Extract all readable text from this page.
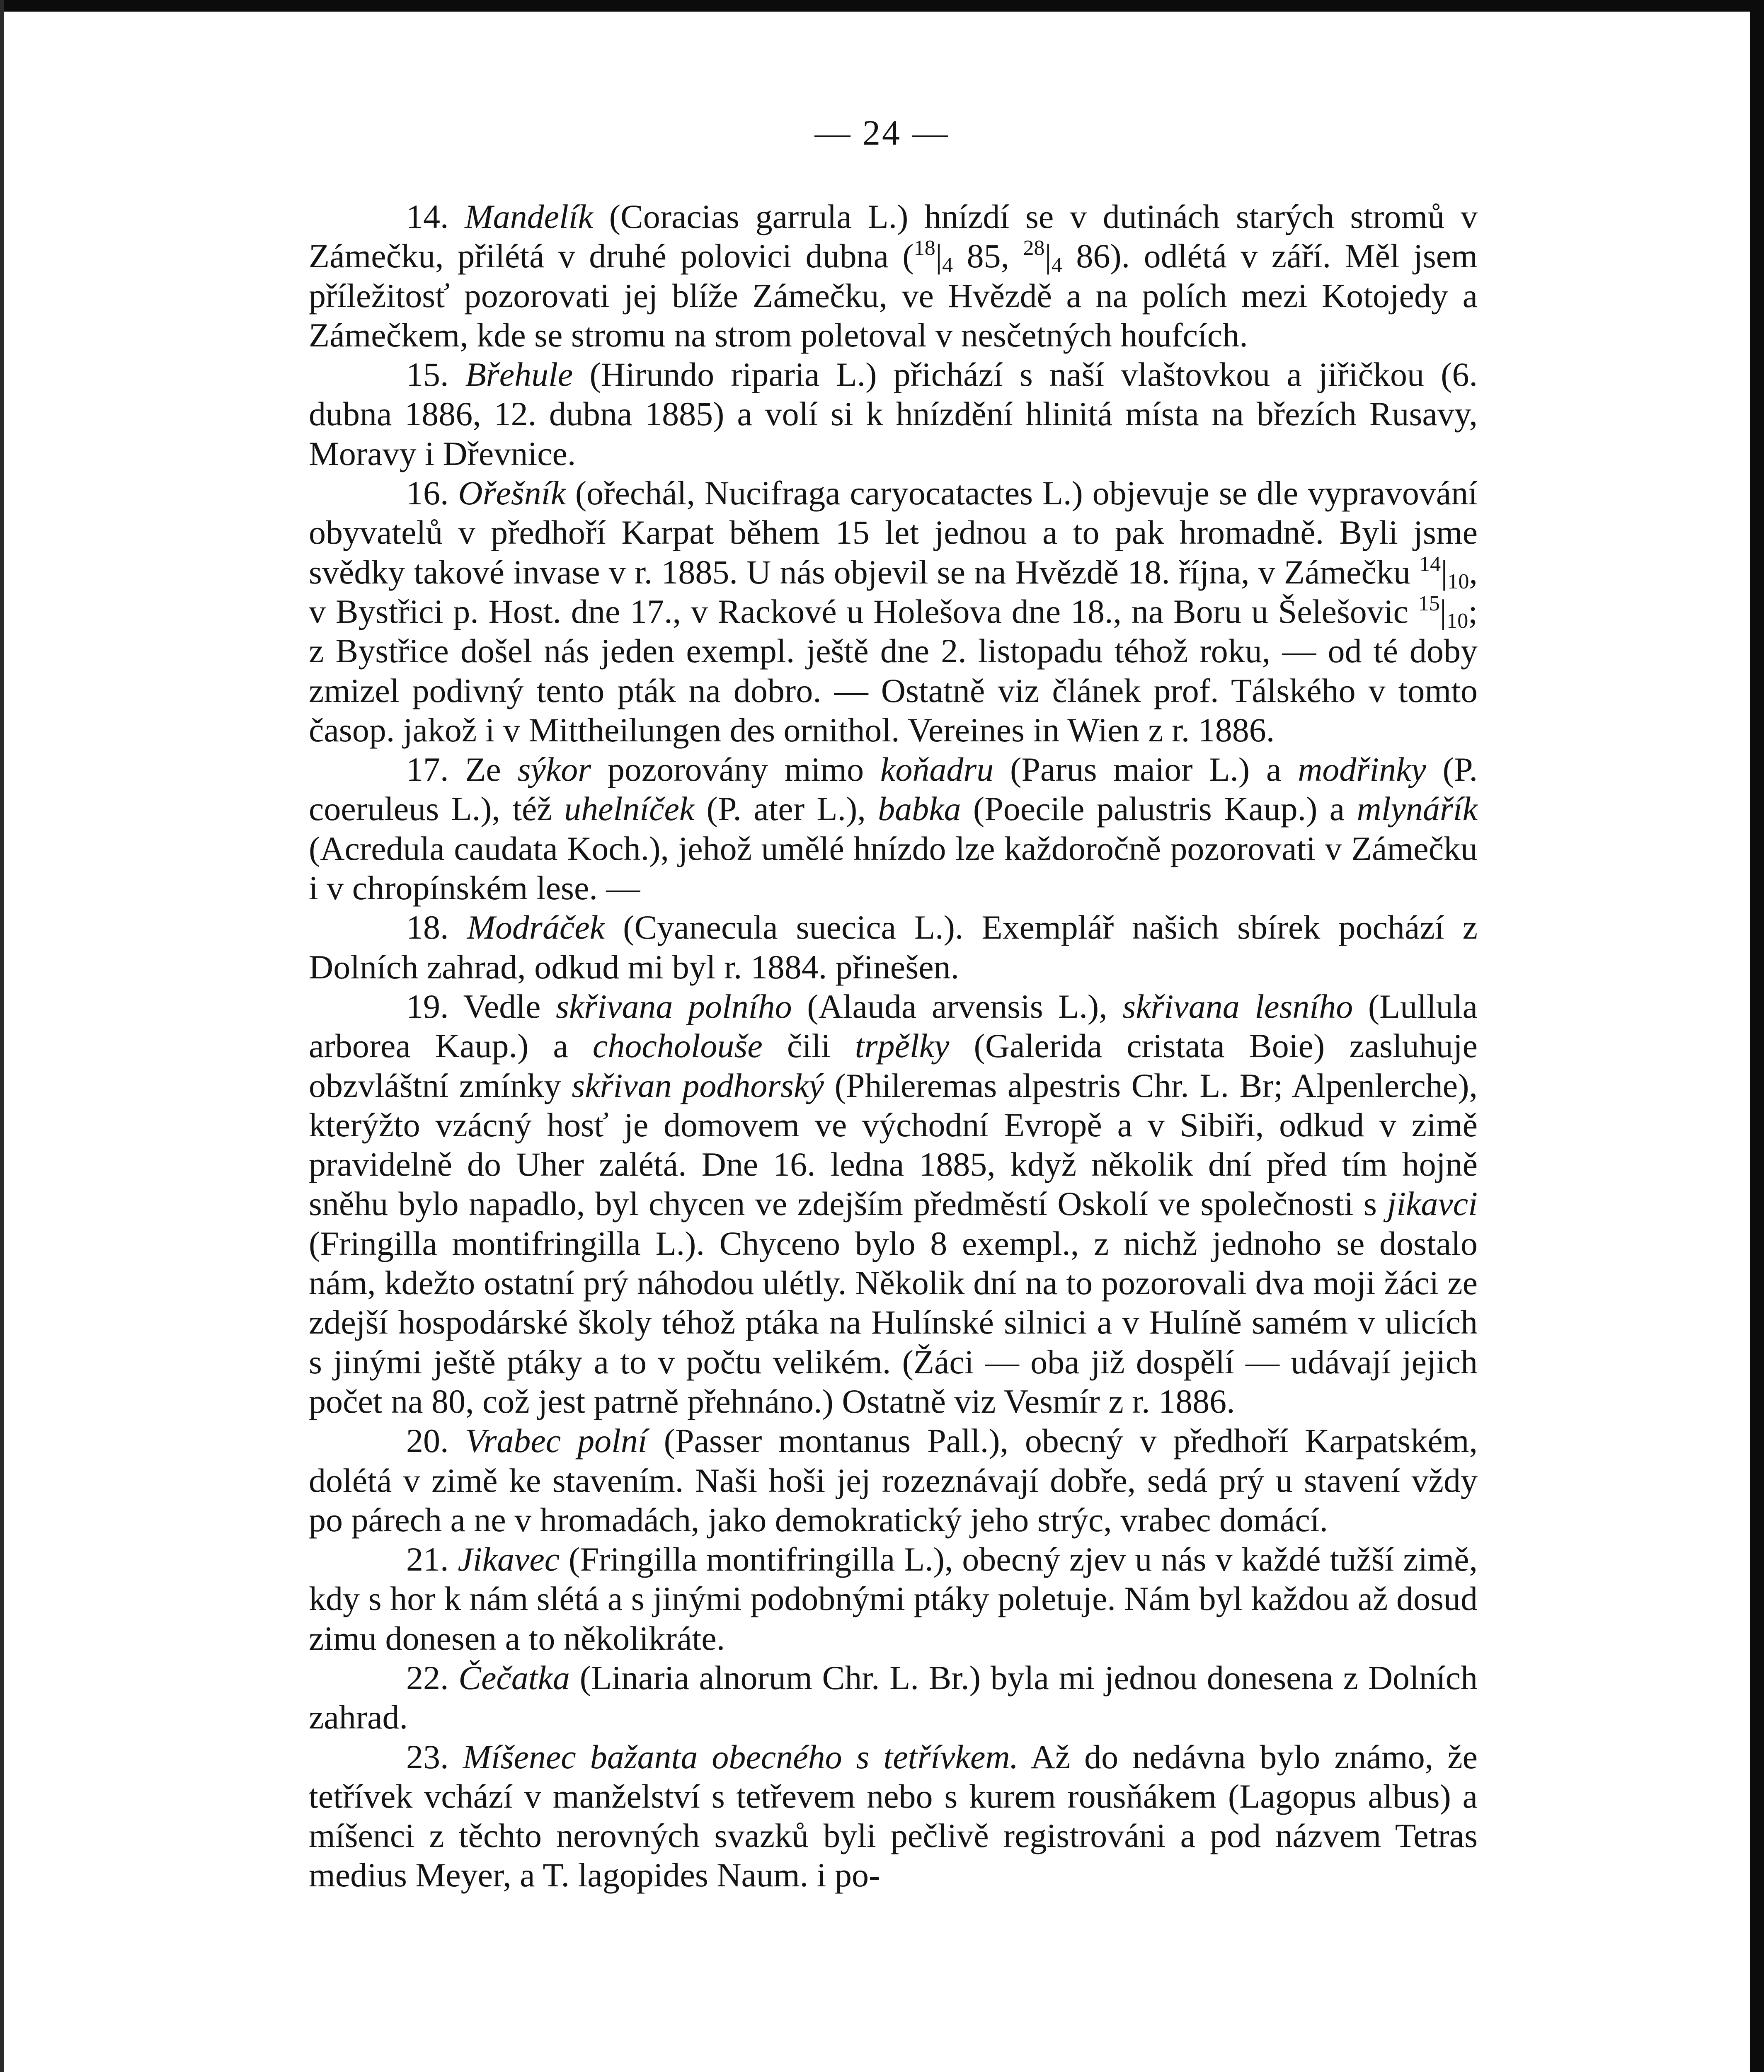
— 24 —

14. Mandelík (Coracias garrula L.) hnízdí se v dutinách starých stromů v Zámečku, přilétá v druhé polovici dubna ($^{18}|_4$ 85, $^{28}|_4$ 86). odlétá v září. Měl jsem příležitosť pozorovati jej blíže Zámečku, ve Hvězdě a na polích mezi Kotojedy a Zámečkem, kde se stromu na strom poletoval v nesčetných houfcích.

15. Břehule (Hirundo riparia L.) přichází s naší vlaštovkou a jiřičkou (6. dubna 1886, 12. dubna 1885) a volí si k hnízdění hlinitá místa na březích Rusavy, Moravy i Dřevnice.

16. Ořešník (ořechál, Nucifraga caryocatactes L.) objevuje se dle vypravování obyvatelů v předhoří Karpat během 15 let jednou a to pak hromadně. Byli jsme svědky takové invase v r. 1885. U nás objevil se na Hvězdě 18. října, v Zámečku $^{14}|_{10}$, v Bystřici p. Host. dne 17., v Rackové u Holešova dne 18., na Boru u Šelešovic $^{15}|_{10}$; z Bystřice došel nás jeden exempl. ještě dne 2. listopadu téhož roku, — od té doby zmizel podivný tento pták na dobro. — Ostatně viz článek prof. Tálského v tomto časop. jakož i v Mittheilungen des ornithol. Vereines in Wien z r. 1886.

17. Ze sýkor pozorovány mimo koňadru (Parus maior L.) a modřinky (P. coeruleus L.), též uhelníček (P. ater L.), babka (Poecile palustris Kaup.) a mlynářík (Acredula caudata Koch.), jehož umělé hnízdo lze každoročně pozorovati v Zámečku i v chropínském lese. —

18. Modráček (Cyanecula suecica L.). Exemplář našich sbírek pochází z Dolních zahrad, odkud mi byl r. 1884. přinešen.

19. Vedle skřivana polního (Alauda arvensis L.), skřivana lesního (Lullula arborea Kaup.) a chocholouše čili trpělky (Galerida cristata Boie) zasluhuje obzvláštní zmínky skřivan podhorský (Phileremas alpestris Chr. L. Br; Alpenlerche), kterýžto vzácný hosť je domovem ve východní Evropě a v Sibiři, odkud v zimě pravidelně do Uher zalétá. Dne 16. ledna 1885, když několik dní před tím hojně sněhu bylo napadlo, byl chycen ve zdejším předměstí Oskolí ve společnosti s jikavci (Fringilla montifringilla L.). Chyceno bylo 8 exempl., z nichž jednoho se dostalo nám, kdežto ostatní prý náhodou ulétly. Několik dní na to pozorovali dva moji žáci ze zdejší hospodárské školy téhož ptáka na Hulínské silnici a v Hulíně samém v ulicích s jinými ještě ptáky a to v počtu velikém. (Žáci — oba již dospělí — udávají jejich počet na 80, což jest patrně přehnáno.) Ostatně viz Vesmír z r. 1886.

20. Vrabec polní (Passer montanus Pall.), obecný v předhoří Karpatském, dolétá v zimě ke stavením. Naši hoši jej rozeznávají dobře, sedá prý u stavení vždy po párech a ne v hromadách, jako demokratický jeho strýc, vrabec domácí.

21. Jikavec (Fringilla montifringilla L.), obecný zjev u nás v každé tužší zimě, kdy s hor k nám slétá a s jinými podobnými ptáky poletuje. Nám byl každou až dosud zimu donesen a to několikráte.

22. Čečatka (Linaria alnorum Chr. L. Br.) byla mi jednou donesena z Dolních zahrad.

23. Míšenec bažanta obecného s tetřívkem. Až do nedávna bylo známo, že tetřívek vchází v manželství s tetřevem nebo s kurem rousňákem (Lagopus albus) a míšenci z těchto nerovných svazků byli pečlivě registrováni a pod názvem Tetras medius Meyer, a T. lagopides Naum. i po-
